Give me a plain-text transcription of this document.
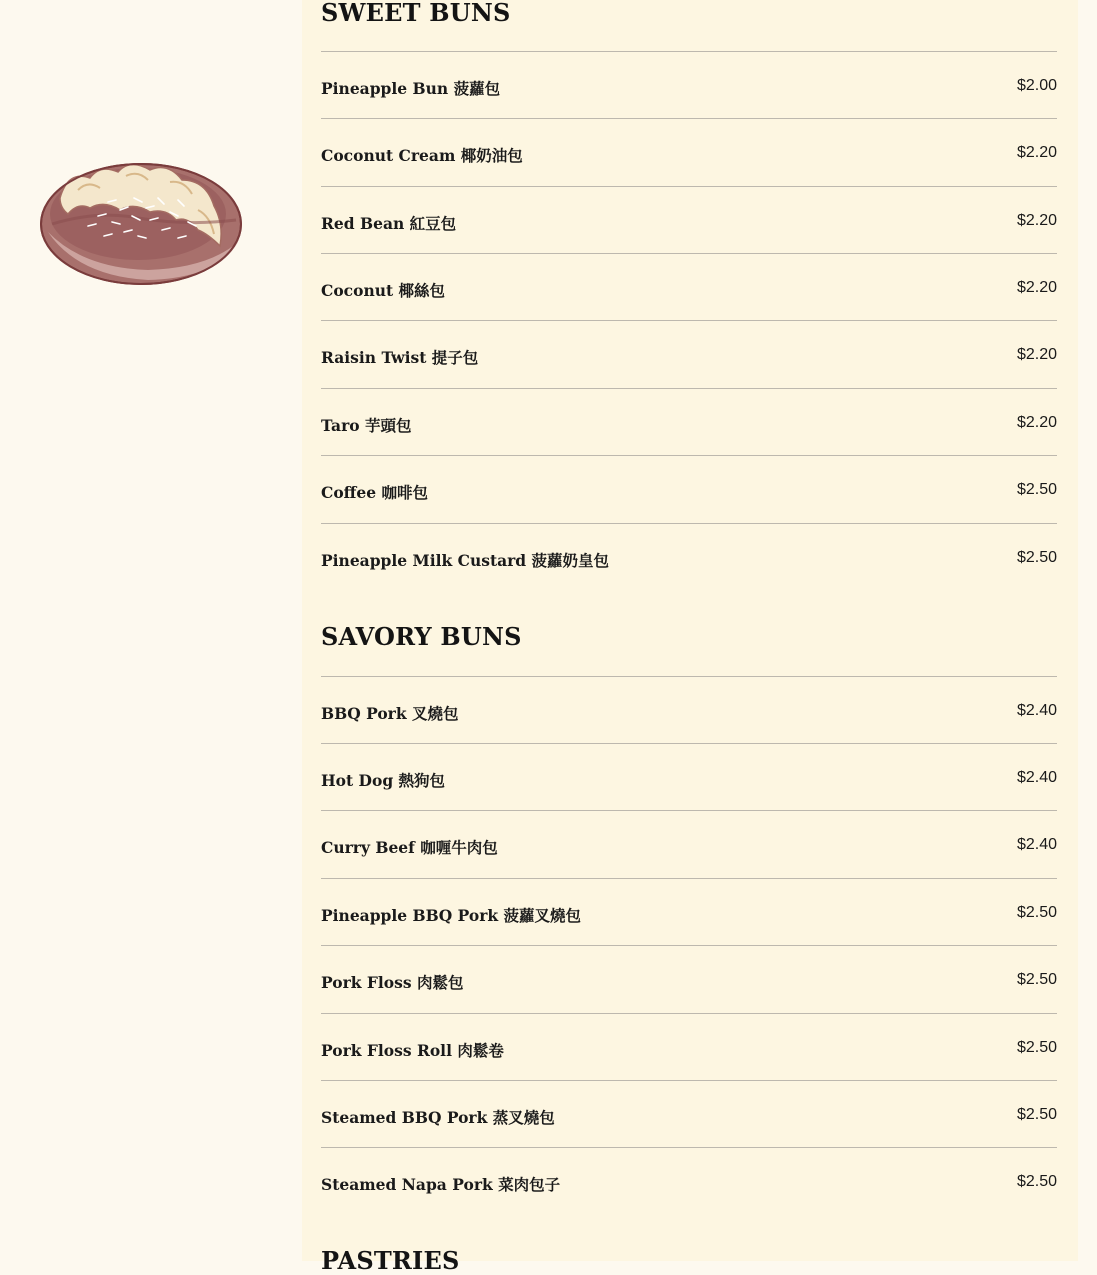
SWEET BUNS
Pineapple Bun 菠蘿包	$2.00
Coconut Cream 椰奶油包	$2.20
Red Bean 紅豆包	$2.20
Coconut 椰絲包	$2.20
Raisin Twist 提子包	$2.20
Taro 芋頭包	$2.20
Coffee 咖啡包	$2.50
Pineapple Milk Custard 菠蘿奶皇包	$2.50
SAVORY BUNS
BBQ Pork 叉燒包	$2.40
Hot Dog 熱狗包	$2.40
Curry Beef 咖喱牛肉包	$2.40
Pineapple BBQ Pork 菠蘿叉燒包	$2.50
Pork Floss 肉鬆包	$2.50
Pork Floss Roll 肉鬆卷	$2.50
Steamed BBQ Pork 蒸叉燒包	$2.50
Steamed Napa Pork 菜肉包子	$2.50
PASTRIES
